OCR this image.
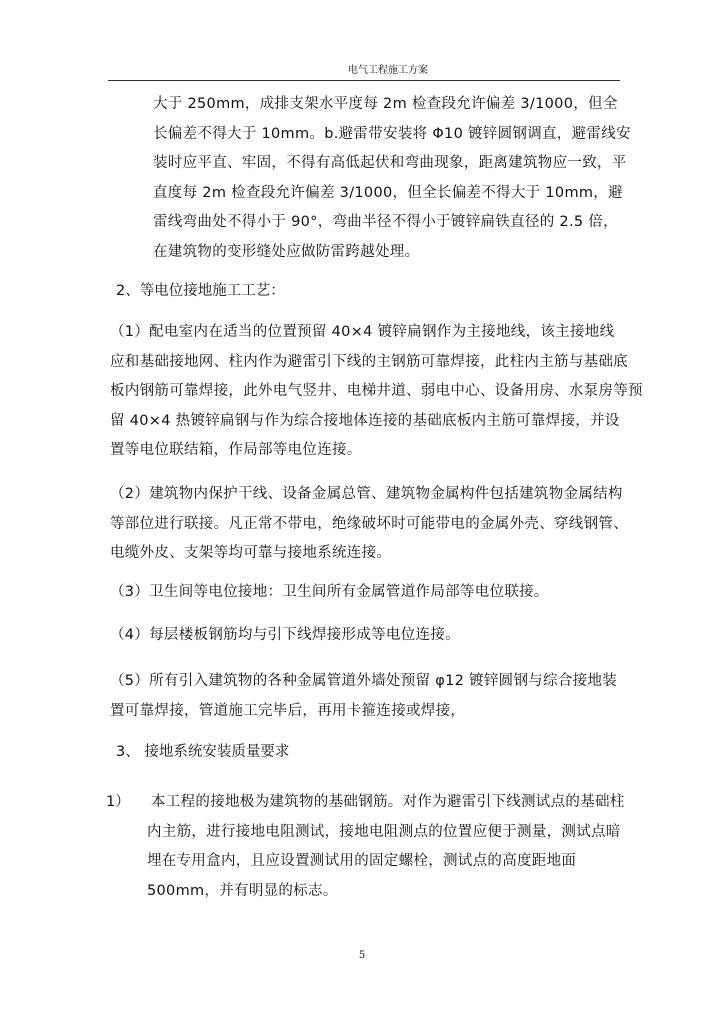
电气工程施工方案
大于 250mm，成排支架水平度每 2m 检查段允许偏差 3/1000，但全
长偏差不得大于 10mm。b.避雷带安装将 Φ10 镀锌圆钢调直，避雷线安
装时应平直、牢固，不得有高低起伏和弯曲现象，距离建筑物应一致，平
直度每 2m 检查段允许偏差 3/1000，但全长偏差不得大于 10mm，避
雷线弯曲处不得小于 90°，弯曲半径不得小于镀锌扁铁直径的 2.5 倍，
在建筑物的变形缝处应做防雷跨越处理。
2、等电位接地施工工艺：
（1）配电室内在适当的位置预留 40×4 镀锌扁钢作为主接地线，该主接地线
应和基础接地网、柱内作为避雷引下线的主钢筋可靠焊接，此柱内主筋与基础底
板内钢筋可靠焊接，此外电气竖井、电梯井道、弱电中心、设备用房、水泵房等预
留 40×4 热镀锌扁钢与作为综合接地体连接的基础底板内主筋可靠焊接，并设
置等电位联结箱，作局部等电位连接。
（2）建筑物内保护干线、设备金属总管、建筑物金属构件包括建筑物金属结构
等部位进行联接。凡正常不带电，绝缘破坏时可能带电的金属外壳、穿线钢管、
电缆外皮、支架等均可靠与接地系统连接。
（3）卫生间等电位接地：卫生间所有金属管道作局部等电位联接。
（4）每层楼板钢筋均与引下线焊接形成等电位连接。
（5）所有引入建筑物的各种金属管道外墙处预留 φ12 镀锌圆钢与综合接地装
置可靠焊接，管道施工完毕后，再用卡箍连接或焊接，
3、 接地系统安装质量要求
1） 本工程的接地极为建筑物的基础钢筋。对作为避雷引下线测试点的基础柱
内主筋，进行接地电阻测试，接地电阻测点的位置应便于测量，测试点暗
埋在专用盒内，且应设置测试用的固定螺栓，测试点的高度距地面
500mm，并有明显的标志。
5
